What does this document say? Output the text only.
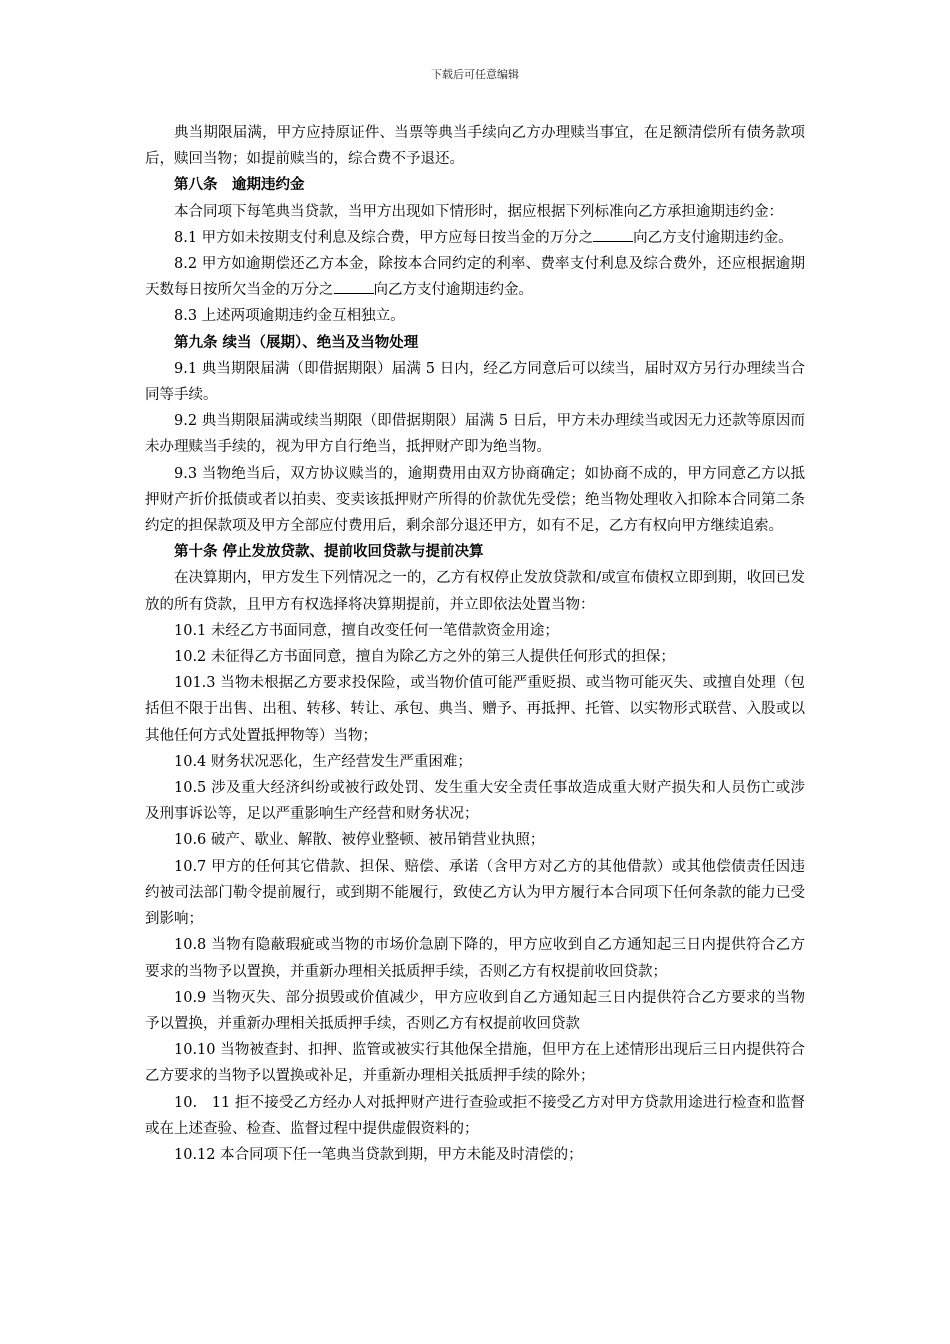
下载后可任意编辑

典当期限届满，甲方应持原证件、当票等典当手续向乙方办理赎当事宜，在足额清偿所有债务款项后，赎回当物；如提前赎当的，综合费不予退还。

第八条　逾期违约金

本合同项下每笔典当贷款，当甲方出现如下情形时，据应根据下列标准向乙方承担逾期违约金：

8.1 甲方如未按期支付利息及综合费，甲方应每日按当金的万分之	向乙方支付逾期违约金。

8.2 甲方如逾期偿还乙方本金，除按本合同约定的利率、费率支付利息及综合费外，还应根据逾期天数每日按所欠当金的万分之	向乙方支付逾期违约金。

8.3 上述两项逾期违约金互相独立。

第九条 续当（展期）、绝当及当物处理

9.1 典当期限届满（即借据期限）届满 5 日内，经乙方同意后可以续当，届时双方另行办理续当合同等手续。

9.2 典当期限届满或续当期限（即借据期限）届满 5 日后，甲方未办理续当或因无力还款等原因而未办理赎当手续的，视为甲方自行绝当，抵押财产即为绝当物。

9.3 当物绝当后，双方协议赎当的，逾期费用由双方协商确定；如协商不成的，甲方同意乙方以抵押财产折价抵债或者以拍卖、变卖该抵押财产所得的价款优先受偿；绝当物处理收入扣除本合同第二条约定的担保款项及甲方全部应付费用后，剩余部分退还甲方，如有不足，乙方有权向甲方继续追索。

第十条 停止发放贷款、提前收回贷款与提前决算

在决算期内，甲方发生下列情况之一的，乙方有权停止发放贷款和/或宣布债权立即到期，收回已发放的所有贷款，且甲方有权选择将决算期提前，并立即依法处置当物：

10.1 未经乙方书面同意，擅自改变任何一笔借款资金用途；

10.2 未征得乙方书面同意，擅自为除乙方之外的第三人提供任何形式的担保；

101.3 当物未根据乙方要求投保险，或当物价值可能严重贬损、或当物可能灭失、或擅自处理（包括但不限于出售、出租、转移、转让、承包、典当、赠予、再抵押、托管、以实物形式联营、入股或以其他任何方式处置抵押物等）当物；

10.4 财务状况恶化，生产经营发生严重困难；

10.5 涉及重大经济纠纷或被行政处罚、发生重大安全责任事故造成重大财产损失和人员伤亡或涉及刑事诉讼等，足以严重影响生产经营和财务状况；

10.6 破产、歇业、解散、被停业整顿、被吊销营业执照；

10.7 甲方的任何其它借款、担保、赔偿、承诺（含甲方对乙方的其他借款）或其他偿债责任因违约被司法部门勒令提前履行，或到期不能履行，致使乙方认为甲方履行本合同项下任何条款的能力已受到影响；

10.8 当物有隐蔽瑕疵或当物的市场价急剧下降的，甲方应收到自乙方通知起三日内提供符合乙方要求的当物予以置换，并重新办理相关抵质押手续，否则乙方有权提前收回贷款；

10.9 当物灭失、部分损毁或价值减少，甲方应收到自乙方通知起三日内提供符合乙方要求的当物予以置换，并重新办理相关抵质押手续，否则乙方有权提前收回贷款

10.10 当物被查封、扣押、监管或被实行其他保全措施，但甲方在上述情形出现后三日内提供符合乙方要求的当物予以置换或补足，并重新办理相关抵质押手续的除外；

10.　11 拒不接受乙方经办人对抵押财产进行查验或拒不接受乙方对甲方贷款用途进行检查和监督或在上述查验、检查、监督过程中提供虚假资料的；

10.12 本合同项下任一笔典当贷款到期，甲方未能及时清偿的；
